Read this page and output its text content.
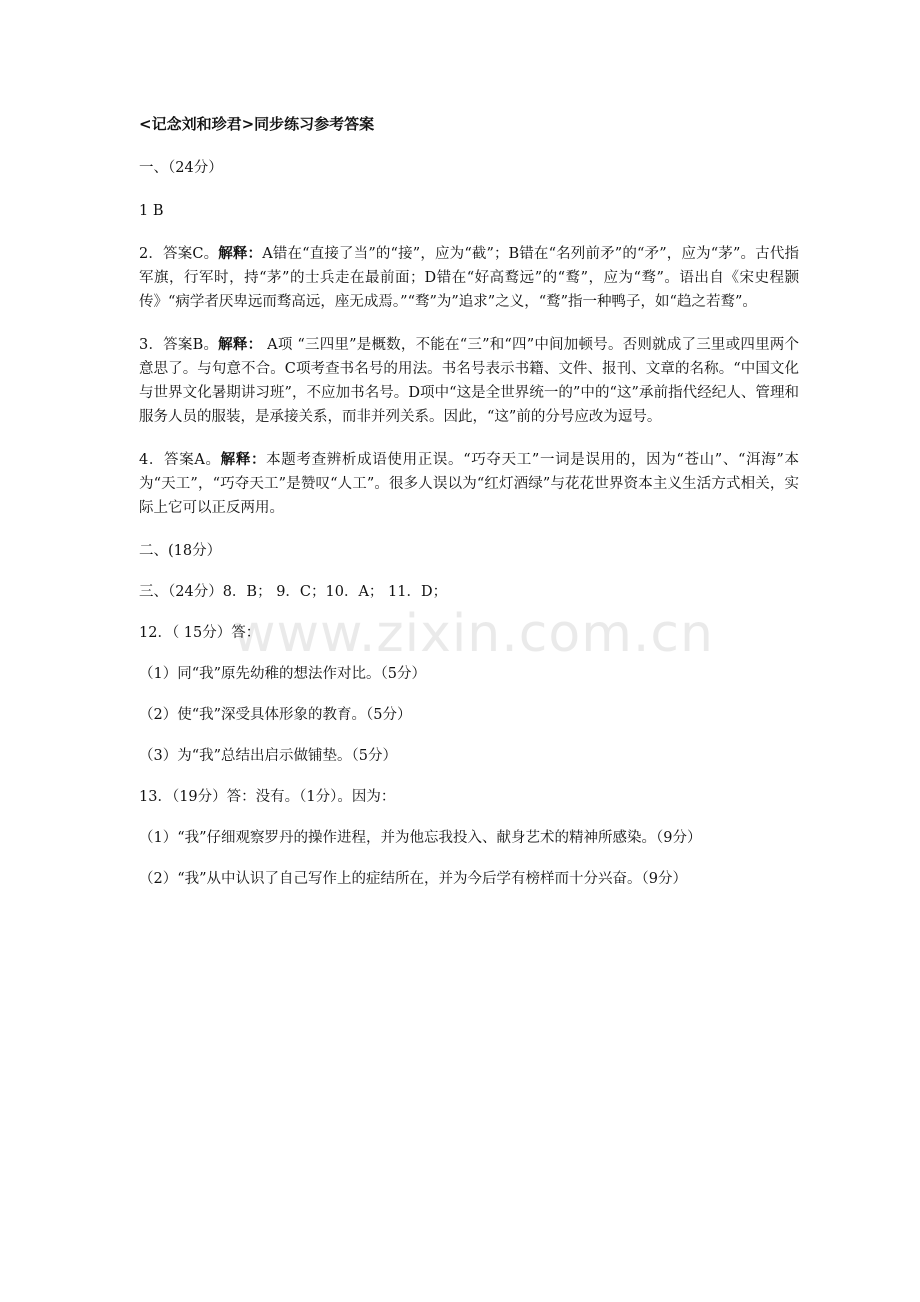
www.zixin.com.cn
<记念刘和珍君>同步练习参考答案
一、（24分）
1 B
2．答案C。解释：A错在“直接了当”的“接”，应为“截”；B错在“名列前矛”的“矛”，应为“茅”。古代指军旗，行军时，持“茅”的士兵走在最前面；D错在“好高鹜远”的“鹜”，应为“骛”。语出自《宋史程颢传》“病学者厌卑远而骛高远，座无成焉。”“骛”为”追求”之义，“鹜”指一种鸭子，如“趋之若鹜”。
3．答案B。解释： A项 “三四里”是概数，不能在“三”和“四”中间加顿号。否则就成了三里或四里两个意思了。与句意不合。C项考查书名号的用法。书名号表示书籍、文件、报刊、文章的名称。“中国文化与世界文化暑期讲习班”，不应加书名号。D项中“这是全世界统一的”中的“这”承前指代经纪人、管理和服务人员的服装，是承接关系，而非并列关系。因此，“这”前的分号应改为逗号。
4．答案A。解释：本题考查辨析成语使用正误。“巧夺天工”一词是误用的，因为“苍山”、“洱海”本为“天工”，“巧夺天工”是赞叹“人工”。很多人误以为“红灯酒绿”与花花世界资本主义生活方式相关，实际上它可以正反两用。
二、(18分）
三、（24分）8．B； 9．C；10．A； 11．D；
12．（ 15分）答：
（1）同“我”原先幼稚的想法作对比。（5分）
（2）使“我”深受具体形象的教育。（5分）
（3）为“我”总结出启示做铺垫。（5分）
13．（19分）答：没有。（1分）。因为：
（1）“我”仔细观察罗丹的操作进程，并为他忘我投入、献身艺术的精神所感染。（9分）
（2）“我”从中认识了自己写作上的症结所在，并为今后学有榜样而十分兴奋。（9分）
